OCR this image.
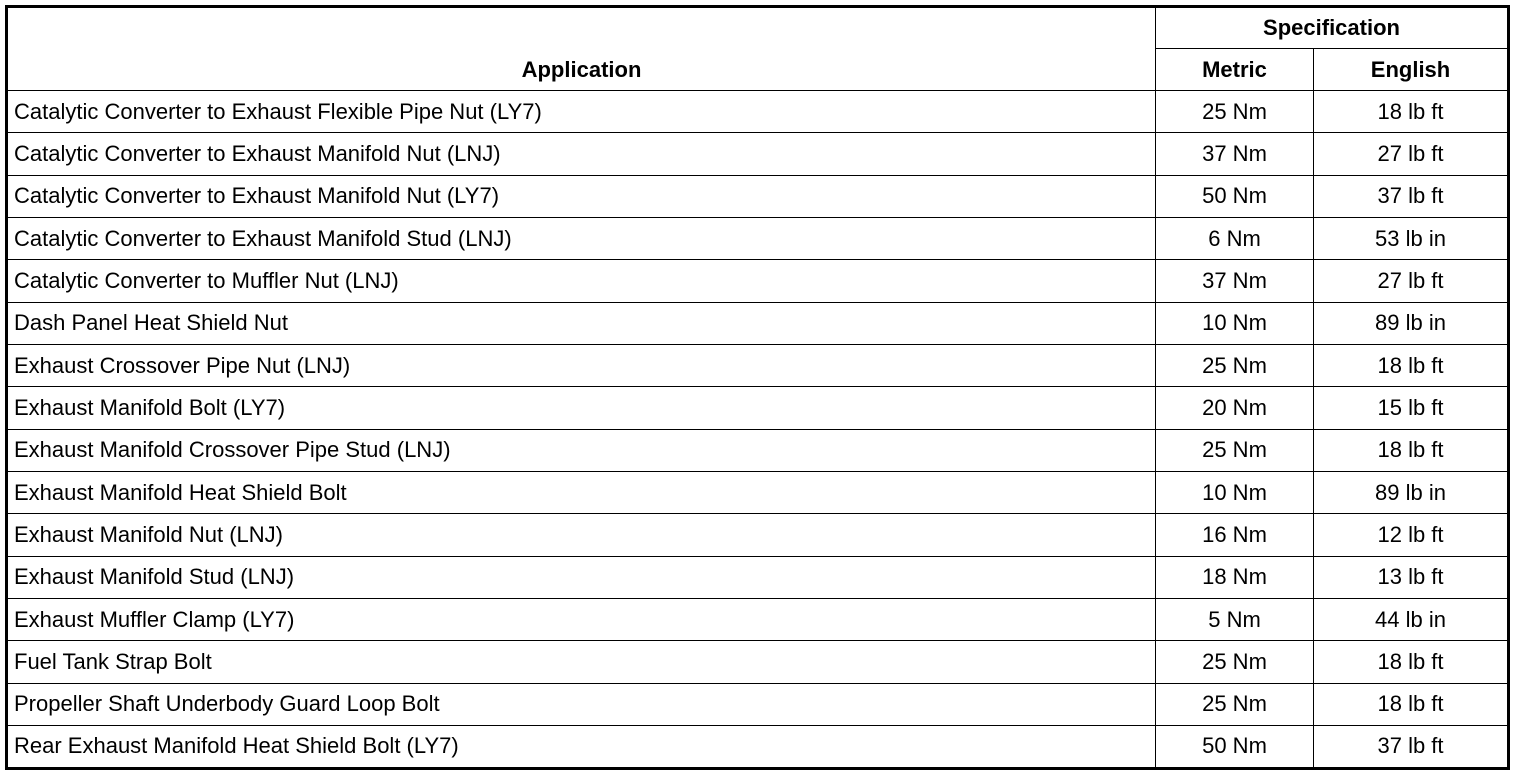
Application	Specification	
	Metric	English
Catalytic Converter to Exhaust Flexible Pipe Nut (LY7)	25 Nm	18 lb ft
Catalytic Converter to Exhaust Manifold Nut (LNJ)	37 Nm	27 lb ft
Catalytic Converter to Exhaust Manifold Nut (LY7)	50 Nm	37 lb ft
Catalytic Converter to Exhaust Manifold Stud (LNJ)	6 Nm	53 lb in
Catalytic Converter to Muffler Nut (LNJ)	37 Nm	27 lb ft
Dash Panel Heat Shield Nut	10 Nm	89 lb in
Exhaust Crossover Pipe Nut (LNJ)	25 Nm	18 lb ft
Exhaust Manifold Bolt (LY7)	20 Nm	15 lb ft
Exhaust Manifold Crossover Pipe Stud (LNJ)	25 Nm	18 lb ft
Exhaust Manifold Heat Shield Bolt	10 Nm	89 lb in
Exhaust Manifold Nut (LNJ)	16 Nm	12 lb ft
Exhaust Manifold Stud (LNJ)	18 Nm	13 lb ft
Exhaust Muffler Clamp (LY7)	5 Nm	44 lb in
Fuel Tank Strap Bolt	25 Nm	18 lb ft
Propeller Shaft Underbody Guard Loop Bolt	25 Nm	18 lb ft
Rear Exhaust Manifold Heat Shield Bolt (LY7)	50 Nm	37 lb ft
